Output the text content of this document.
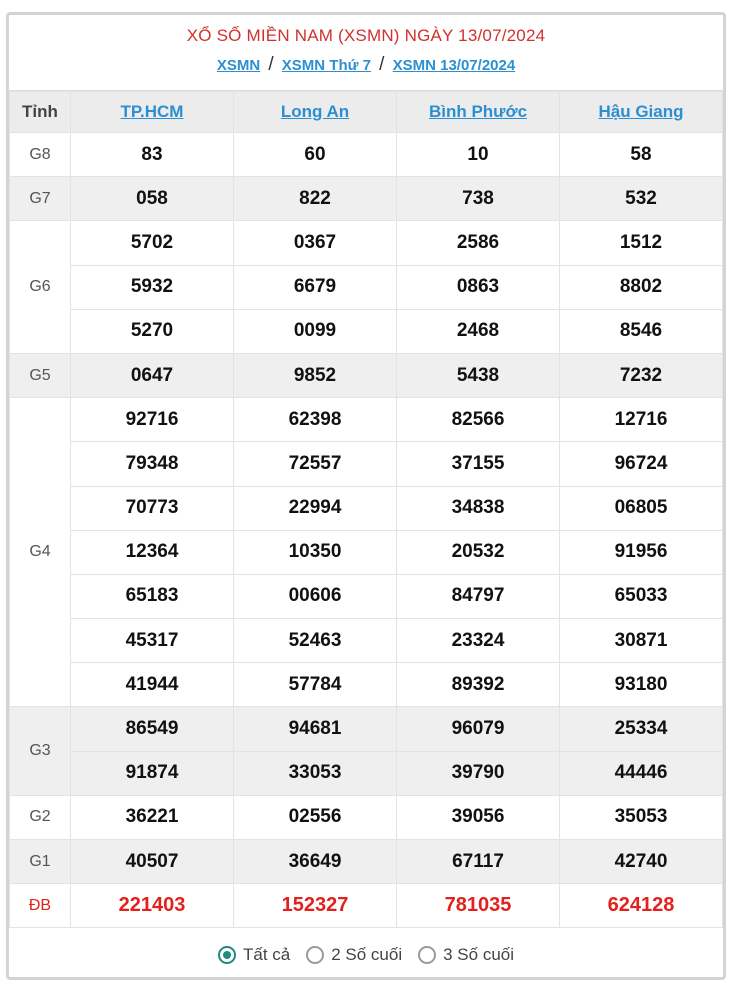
XỔ SỐ MIỀN NAM (XSMN) NGÀY 13/07/2024
XSMN / XSMN Thứ 7 / XSMN 13/07/2024
Tỉnh	TP.HCM	Long An	Bình Phước	Hậu Giang
G8	83	60	10	58
G7	058	822	738	532
G6	5702	0367	2586	1512
	5932	6679	0863	8802
	5270	0099	2468	8546
G5	0647	9852	5438	7232
G4	92716	62398	82566	12716
	79348	72557	37155	96724
	70773	22994	34838	06805
	12364	10350	20532	91956
	65183	00606	84797	65033
	45317	52463	23324	30871
	41944	57784	89392	93180
G3	86549	94681	96079	25334
	91874	33053	39790	44446
G2	36221	02556	39056	35053
G1	40507	36649	67117	42740
ĐB	221403	152327	781035	624128
Tất cả 2 Số cuối 3 Số cuối
